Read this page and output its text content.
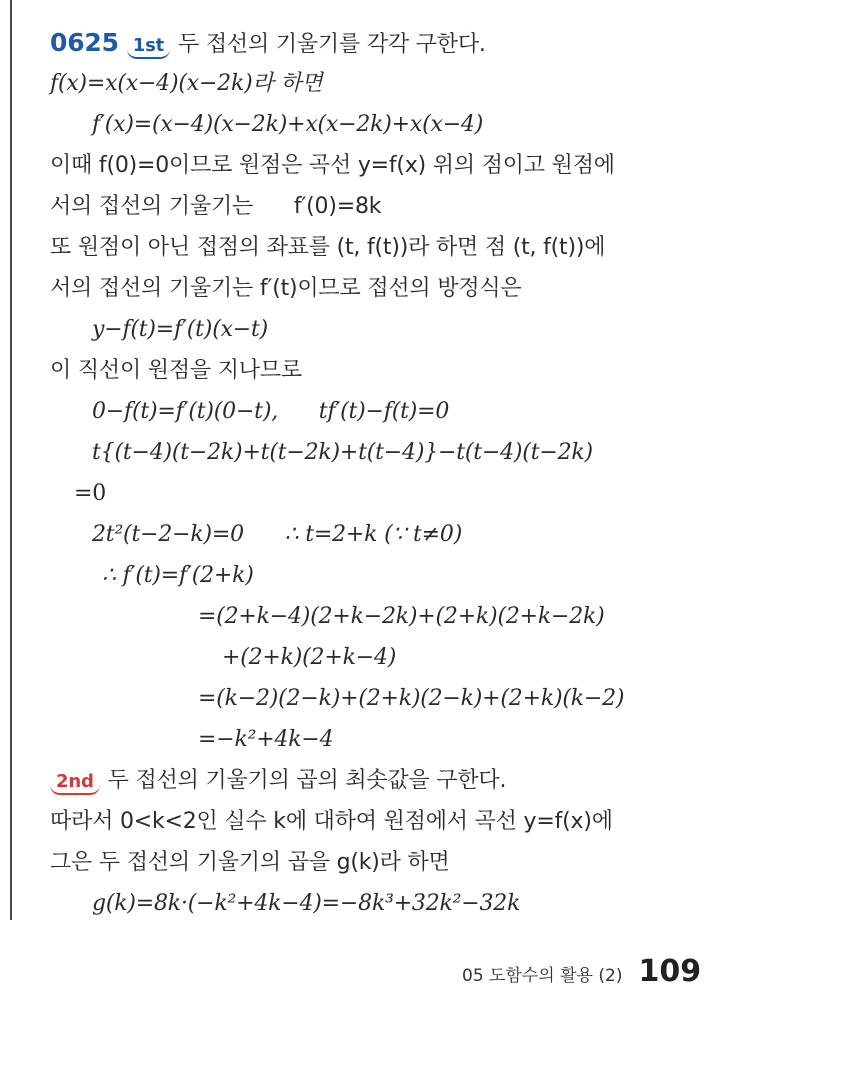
0625 1st 두 접선의 기울기를 각각 구한다.
f(x)=x(x−4)(x−2k)라 하면
f′(x)=(x−4)(x−2k)+x(x−2k)+x(x−4)
이때 f(0)=0이므로 원점은 곡선 y=f(x) 위의 점이고 원점에
서의 접선의 기울기는      f′(0)=8k
또 원점이 아닌 접점의 좌표를 (t, f(t))라 하면 점 (t, f(t))에
서의 접선의 기울기는 f′(t)이므로 접선의 방정식은
y−f(t)=f′(t)(x−t)
이 직선이 원점을 지나므로
0−f(t)=f′(t)(0−t),      tf′(t)−f(t)=0
t{(t−4)(t−2k)+t(t−2k)+t(t−4)}−t(t−4)(t−2k)
=0
2t²(t−2−k)=0      ∴ t=2+k (∵ t≠0)
∴ f′(t)=f′(2+k)
=(2+k−4)(2+k−2k)+(2+k)(2+k−2k)
+(2+k)(2+k−4)
=(k−2)(2−k)+(2+k)(2−k)+(2+k)(k−2)
=−k²+4k−4
2nd 두 접선의 기울기의 곱의 최솟값을 구한다.
따라서 0<k<2인 실수 k에 대하여 원점에서 곡선 y=f(x)에
그은 두 접선의 기울기의 곱을 g(k)라 하면
g(k)=8k·(−k²+4k−4)=−8k³+32k²−32k
05 도함수의 활용 (2) 109
